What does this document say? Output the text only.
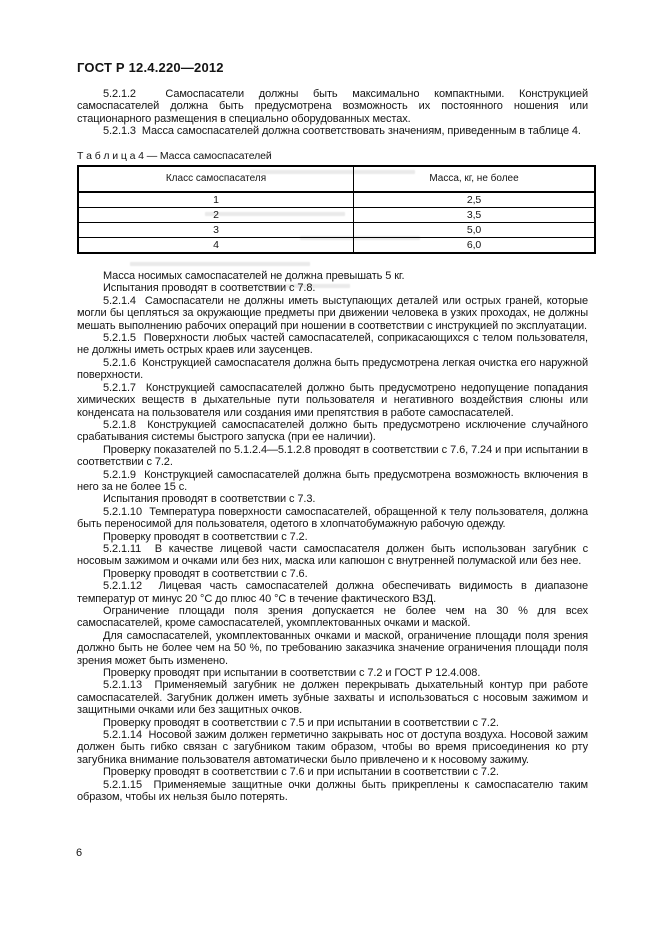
ГОСТ Р 12.4.220—2012

5.2.1.2  Самоспасатели должны быть максимально компактными. Конструкцией самоспасателей должна быть предусмотрена возможность их постоянного ношения или стационарного размещения в специально оборудованных местах.

5.2.1.3  Масса самоспасателей должна соответствовать значениям, приведенным в таблице 4.

Т а б л и ц а 4 — Масса самоспасателей
Класс самоспасателя	Масса, кг, не более
1	2,5
2	3,5
3	5,0
4	6,0

Масса носимых самоспасателей не должна превышать 5 кг.

Испытания проводят в соответствии с 7.8.

5.2.1.4  Самоспасатели не должны иметь выступающих деталей или острых граней, которые могли бы цепляться за окружающие предметы при движении человека в узких проходах, не должны мешать выполнению рабочих операций при ношении в соответствии с инструкцией по эксплуатации.

5.2.1.5  Поверхности любых частей самоспасателей, соприкасающихся с телом пользователя, не должны иметь острых краев или заусенцев.

5.2.1.6  Конструкцией самоспасателя должна быть предусмотрена легкая очистка его наружной поверхности.

5.2.1.7  Конструкцией самоспасателей должно быть предусмотрено недопущение попадания химических веществ в дыхательные пути пользователя и негативного воздействия слюны или конденсата на пользователя или создания ими препятствия в работе самоспасателей.

5.2.1.8  Конструкцией самоспасателей должно быть предусмотрено исключение случайного срабатывания системы быстрого запуска (при ее наличии).

Проверку показателей по 5.1.2.4—5.1.2.8 проводят в соответствии с 7.6, 7.24 и при испытании в соответствии с 7.2.

5.2.1.9  Конструкцией самоспасателей должна быть предусмотрена возможность включения в него за не более 15 с.

Испытания проводят в соответствии с 7.3.

5.2.1.10  Температура поверхности самоспасателей, обращенной к телу пользователя, должна быть переносимой для пользователя, одетого в хлопчатобумажную рабочую одежду.

Проверку проводят в соответствии с 7.2.

5.2.1.11  В качестве лицевой части самоспасателя должен быть использован загубник с носовым зажимом и очками или без них, маска или капюшон с внутренней полумаской или без нее.

Проверку проводят в соответствии с 7.6.

5.2.1.12  Лицевая часть самоспасателей должна обеспечивать видимость в диапазоне температур от минус 20 °С до плюс 40 °С в течение фактического ВЗД.

Ограничение площади поля зрения допускается не более чем на 30 % для всех самоспасателей, кроме самоспасателей, укомплектованных очками и маской.

Для самоспасателей, укомплектованных очками и маской, ограничение площади поля зрения должно быть не более чем на 50 %, по требованию заказчика значение ограничения площади поля зрения может быть изменено.

Проверку проводят при испытании в соответствии с 7.2 и ГОСТ Р 12.4.008.

5.2.1.13  Применяемый загубник не должен перекрывать дыхательный контур при работе самоспасателей. Загубник должен иметь зубные захваты и использоваться с носовым зажимом и защитными очками или без защитных очков.

Проверку проводят в соответствии с 7.5 и при испытании в соответствии с 7.2.

5.2.1.14  Носовой зажим должен герметично закрывать нос от доступа воздуха. Носовой зажим должен быть гибко связан с загубником таким образом, чтобы во время присоединения ко рту загубника внимание пользователя автоматически было привлечено и к носовому зажиму.

Проверку проводят в соответствии с 7.6 и при испытании в соответствии с 7.2.

5.2.1.15  Применяемые защитные очки должны быть прикреплены к самоспасателю таким образом, чтобы их нельзя было потерять.

6
